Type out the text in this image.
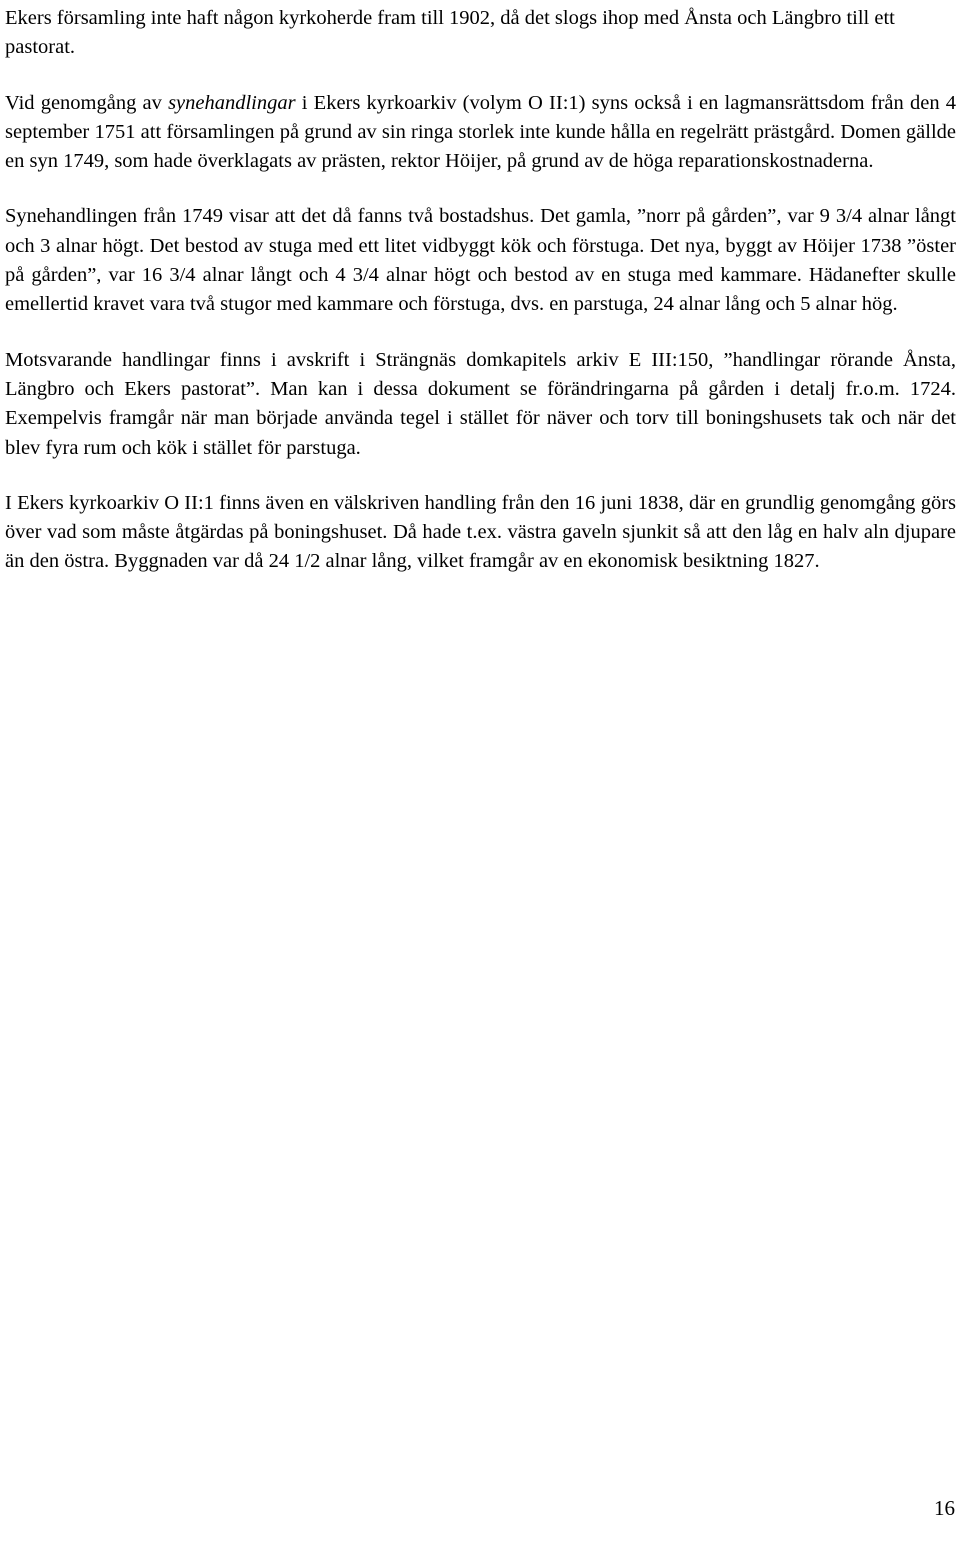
Ekers församling inte haft någon kyrkoherde fram till 1902, då det slogs ihop med Ånsta och Längbro till ett pastorat.

Vid genomgång av synehandlingar i Ekers kyrkoarkiv (volym O II:1) syns också i en lagmansrättsdom från den 4 september 1751 att församlingen på grund av sin ringa storlek inte kunde hålla en regelrätt prästgård. Domen gällde en syn 1749, som hade överklagats av prästen, rektor Höijer, på grund av de höga reparationskostnaderna.

Synehandlingen från 1749 visar att det då fanns två bostadshus. Det gamla, ”norr på gården”, var 9 3/4 alnar långt och 3 alnar högt. Det bestod av stuga med ett litet vidbyggt kök och förstuga. Det nya, byggt av Höijer 1738 ”öster på gården”, var 16 3/4 alnar långt och 4 3/4 alnar högt och bestod av en stuga med kammare. Hädanefter skulle emellertid kravet vara två stugor med kammare och förstuga, dvs. en parstuga, 24 alnar lång och 5 alnar hög.

Motsvarande handlingar finns i avskrift i Strängnäs domkapitels arkiv E III:150, ”handlingar rörande Ånsta, Längbro och Ekers pastorat”. Man kan i dessa dokument se förändringarna på gården i detalj fr.o.m. 1724. Exempelvis framgår när man började använda tegel i stället för näver och torv till boningshusets tak och när det blev fyra rum och kök i stället för parstuga.

I Ekers kyrkoarkiv O II:1 finns även en välskriven handling från den 16 juni 1838, där en grundlig genomgång görs över vad som måste åtgärdas på boningshuset. Då hade t.ex. västra gaveln sjunkit så att den låg en halv aln djupare än den östra. Byggnaden var då 24 1/2 alnar lång, vilket framgår av en ekonomisk besiktning 1827.

16
